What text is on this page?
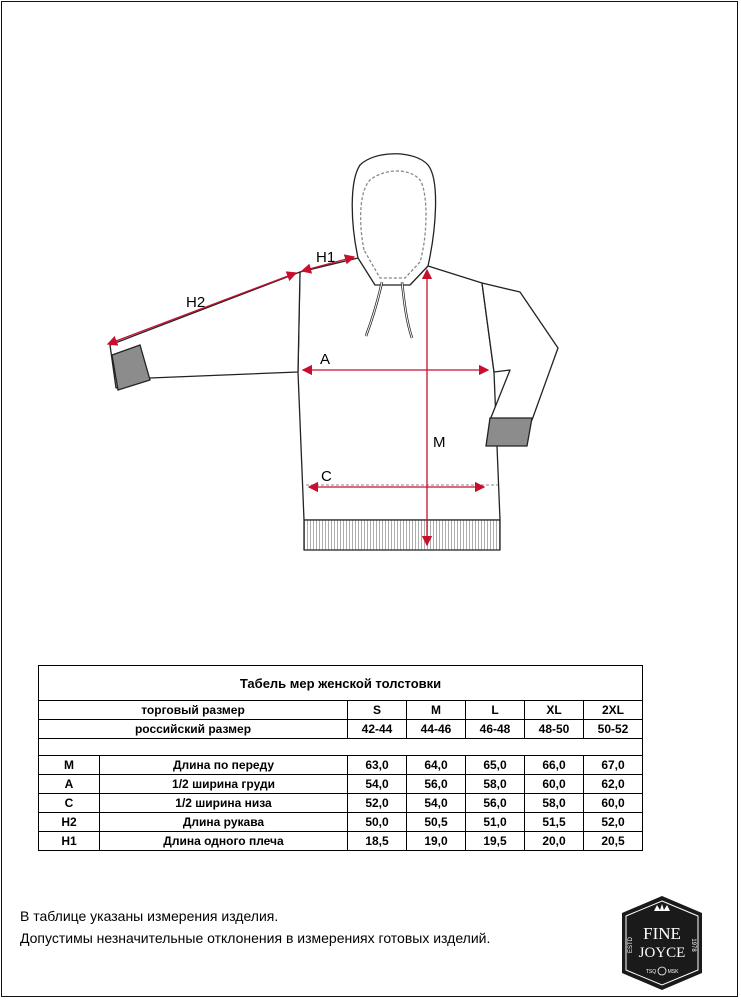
H1
H2
A
M
C
Табель мер женской толстовки						
торговый размер		S	M	L	XL	2XL
российский размер		42-44	44-46	46-48	48-50	50-52

M	Длина по переду	63,0	64,0	65,0	66,0	67,0
A	1/2 ширина груди	54,0	56,0	58,0	60,0	62,0
C	1/2 ширина низа	52,0	54,0	56,0	58,0	60,0
H2	Длина рукава	50,0	50,5	51,0	51,5	52,0
H1	Длина одного плеча	18,5	19,0	19,5	20,0	20,5
В таблице указаны измерения изделия.
Допустимы незначительные отклонения в измерениях готовых изделий.	FINE
JOYCE
ESTD	1978
TSQ MSK
